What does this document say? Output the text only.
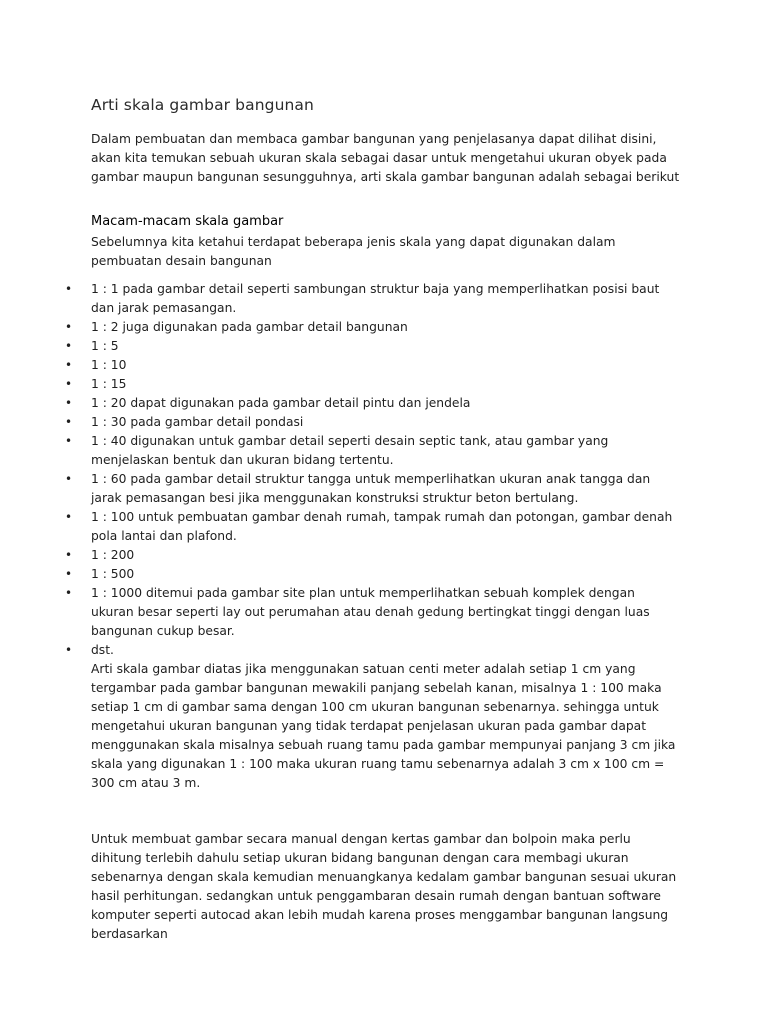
Arti skala gambar bangunan

Dalam pembuatan dan membaca gambar bangunan yang penjelasanya dapat dilihat disini, akan kita temukan sebuah ukuran skala sebagai dasar untuk mengetahui ukuran obyek pada gambar maupun bangunan sesungguhnya, arti skala gambar bangunan adalah sebagai berikut

Macam-macam skala gambar

Sebelumnya kita ketahui terdapat beberapa jenis skala yang dapat digunakan dalam pembuatan desain bangunan

• 1 : 1 pada gambar detail seperti sambungan struktur baja yang memperlihatkan posisi baut dan jarak pemasangan.
• 1 : 2 juga digunakan pada gambar detail bangunan
• 1 : 5
• 1 : 10
• 1 : 15
• 1 : 20 dapat digunakan pada gambar detail pintu dan jendela
• 1 : 30 pada gambar detail pondasi
• 1 : 40 digunakan untuk gambar detail seperti desain septic tank, atau gambar yang menjelaskan bentuk dan ukuran bidang tertentu.
• 1 : 60 pada gambar detail struktur tangga untuk memperlihatkan ukuran anak tangga dan jarak pemasangan besi jika menggunakan konstruksi struktur beton bertulang.
• 1 : 100 untuk pembuatan gambar denah rumah, tampak rumah dan potongan, gambar denah pola lantai dan plafond.
• 1 : 200
• 1 : 500
• 1 : 1000 ditemui pada gambar site plan untuk memperlihatkan sebuah komplek dengan ukuran besar seperti lay out perumahan atau denah gedung bertingkat tinggi dengan luas bangunan cukup besar.
• dst.
Arti skala gambar diatas jika menggunakan satuan centi meter adalah setiap 1 cm yang tergambar pada gambar bangunan mewakili panjang sebelah kanan, misalnya 1 : 100 maka setiap 1 cm di gambar sama dengan 100 cm ukuran bangunan sebenarnya. sehingga untuk mengetahui ukuran bangunan yang tidak terdapat penjelasan ukuran pada gambar dapat menggunakan skala misalnya sebuah ruang tamu pada gambar mempunyai panjang 3 cm jika skala yang digunakan 1 : 100 maka ukuran ruang tamu sebenarnya adalah 3 cm x 100 cm = 300 cm atau 3 m.

Untuk membuat gambar secara manual dengan kertas gambar dan bolpoin maka perlu dihitung terlebih dahulu setiap ukuran bidang bangunan dengan cara membagi ukuran sebenarnya dengan skala kemudian menuangkanya kedalam gambar bangunan sesuai ukuran hasil perhitungan. sedangkan untuk penggambaran desain rumah dengan bantuan software komputer seperti autocad akan lebih mudah karena proses menggambar bangunan langsung berdasarkan
